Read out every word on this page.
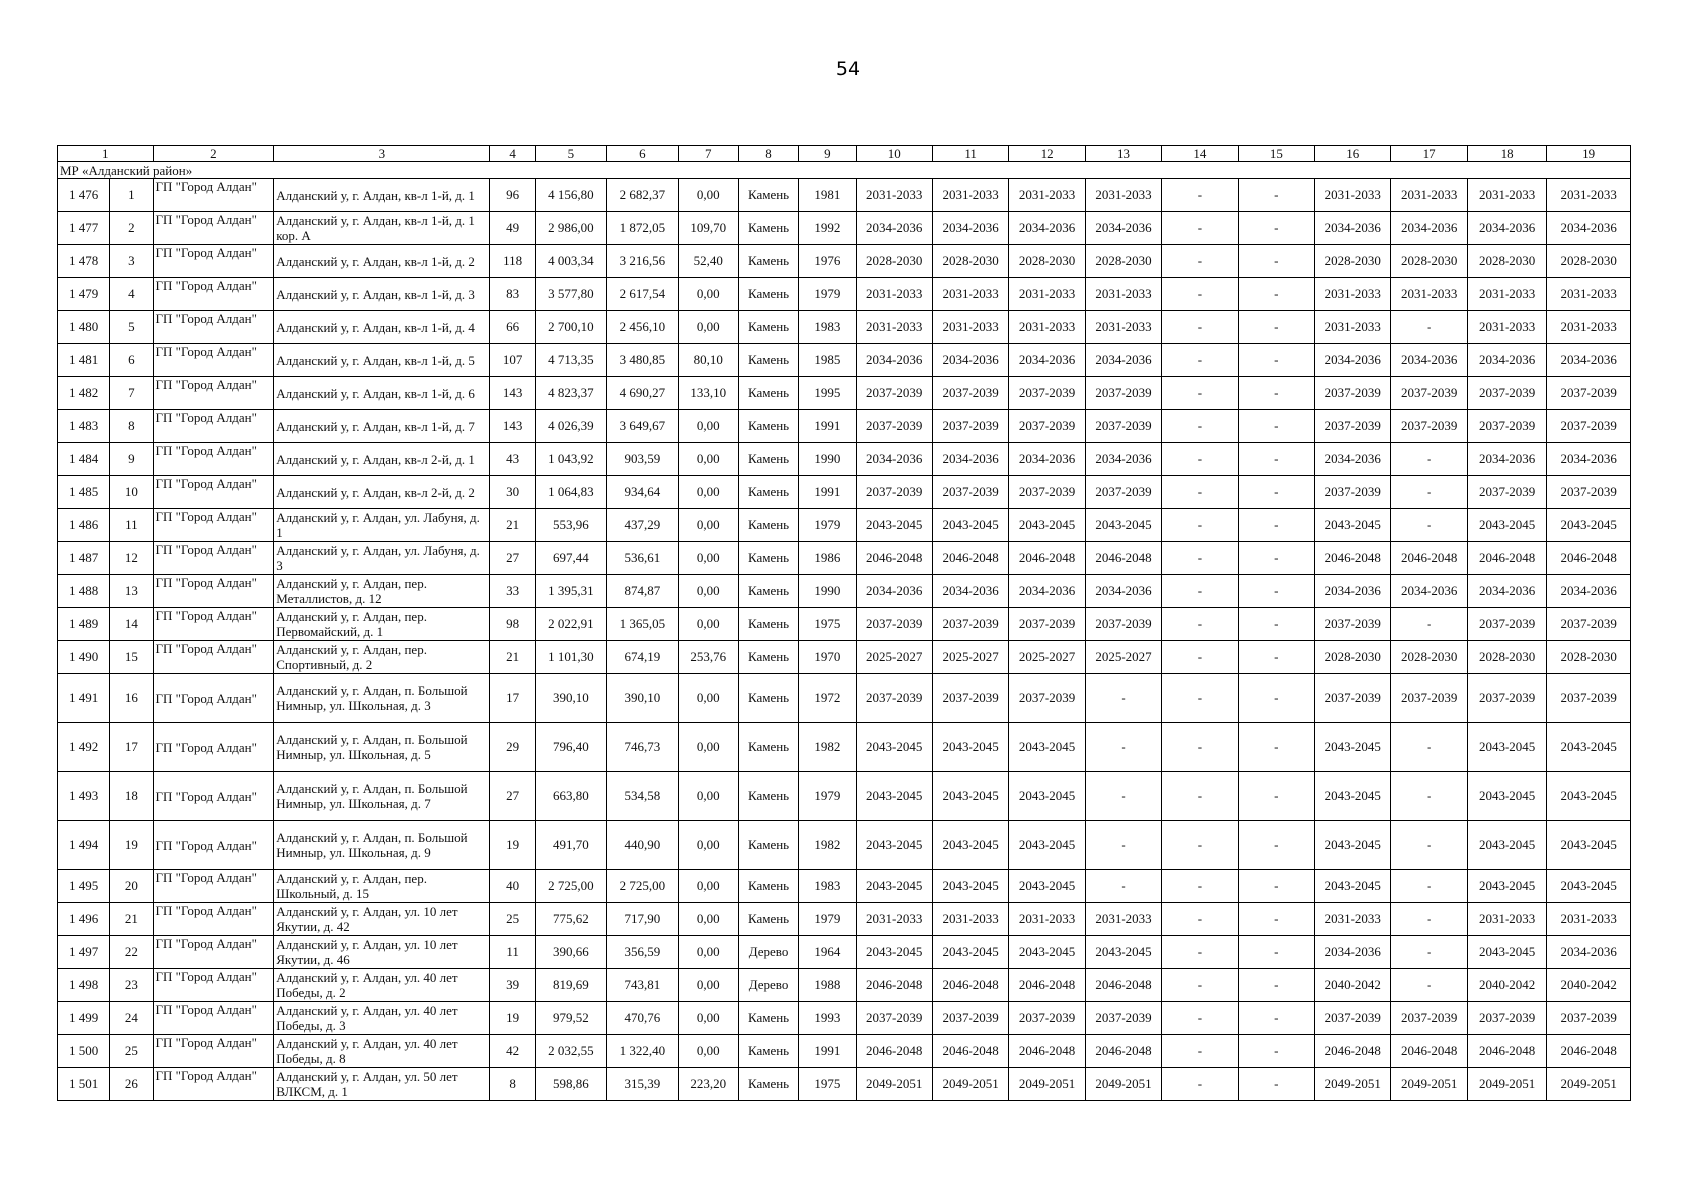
54
1		2	3	4	5	6	7	8	9	10	11	12	13	14	15	16	17	18	19
МР «Алданский район»																			
1 476	1	ГП "Город Алдан"	Алданский у, г. Алдан, кв-л 1-й, д. 1	96	4 156,80	2 682,37	0,00	Камень	1981	2031-2033	2031-2033	2031-2033	2031-2033	-	-	2031-2033	2031-2033	2031-2033	2031-2033
1 477	2	ГП "Город Алдан"	Алданский у, г. Алдан, кв-л 1-й, д. 1 кор. А	49	2 986,00	1 872,05	109,70	Камень	1992	2034-2036	2034-2036	2034-2036	2034-2036	-	-	2034-2036	2034-2036	2034-2036	2034-2036
1 478	3	ГП "Город Алдан"	Алданский у, г. Алдан, кв-л 1-й, д. 2	118	4 003,34	3 216,56	52,40	Камень	1976	2028-2030	2028-2030	2028-2030	2028-2030	-	-	2028-2030	2028-2030	2028-2030	2028-2030
1 479	4	ГП "Город Алдан"	Алданский у, г. Алдан, кв-л 1-й, д. 3	83	3 577,80	2 617,54	0,00	Камень	1979	2031-2033	2031-2033	2031-2033	2031-2033	-	-	2031-2033	2031-2033	2031-2033	2031-2033
1 480	5	ГП "Город Алдан"	Алданский у, г. Алдан, кв-л 1-й, д. 4	66	2 700,10	2 456,10	0,00	Камень	1983	2031-2033	2031-2033	2031-2033	2031-2033	-	-	2031-2033	-	2031-2033	2031-2033
1 481	6	ГП "Город Алдан"	Алданский у, г. Алдан, кв-л 1-й, д. 5	107	4 713,35	3 480,85	80,10	Камень	1985	2034-2036	2034-2036	2034-2036	2034-2036	-	-	2034-2036	2034-2036	2034-2036	2034-2036
1 482	7	ГП "Город Алдан"	Алданский у, г. Алдан, кв-л 1-й, д. 6	143	4 823,37	4 690,27	133,10	Камень	1995	2037-2039	2037-2039	2037-2039	2037-2039	-	-	2037-2039	2037-2039	2037-2039	2037-2039
1 483	8	ГП "Город Алдан"	Алданский у, г. Алдан, кв-л 1-й, д. 7	143	4 026,39	3 649,67	0,00	Камень	1991	2037-2039	2037-2039	2037-2039	2037-2039	-	-	2037-2039	2037-2039	2037-2039	2037-2039
1 484	9	ГП "Город Алдан"	Алданский у, г. Алдан, кв-л 2-й, д. 1	43	1 043,92	903,59	0,00	Камень	1990	2034-2036	2034-2036	2034-2036	2034-2036	-	-	2034-2036	-	2034-2036	2034-2036
1 485	10	ГП "Город Алдан"	Алданский у, г. Алдан, кв-л 2-й, д. 2	30	1 064,83	934,64	0,00	Камень	1991	2037-2039	2037-2039	2037-2039	2037-2039	-	-	2037-2039	-	2037-2039	2037-2039
1 486	11	ГП "Город Алдан"	Алданский у, г. Алдан, ул. Лабуня, д. 1	21	553,96	437,29	0,00	Камень	1979	2043-2045	2043-2045	2043-2045	2043-2045	-	-	2043-2045	-	2043-2045	2043-2045
1 487	12	ГП "Город Алдан"	Алданский у, г. Алдан, ул. Лабуня, д. 3	27	697,44	536,61	0,00	Камень	1986	2046-2048	2046-2048	2046-2048	2046-2048	-	-	2046-2048	2046-2048	2046-2048	2046-2048
1 488	13	ГП "Город Алдан"	Алданский у, г. Алдан, пер. Металлистов, д. 12	33	1 395,31	874,87	0,00	Камень	1990	2034-2036	2034-2036	2034-2036	2034-2036	-	-	2034-2036	2034-2036	2034-2036	2034-2036
1 489	14	ГП "Город Алдан"	Алданский у, г. Алдан, пер. Первомайский, д. 1	98	2 022,91	1 365,05	0,00	Камень	1975	2037-2039	2037-2039	2037-2039	2037-2039	-	-	2037-2039	-	2037-2039	2037-2039
1 490	15	ГП "Город Алдан"	Алданский у, г. Алдан, пер. Спортивный, д. 2	21	1 101,30	674,19	253,76	Камень	1970	2025-2027	2025-2027	2025-2027	2025-2027	-	-	2028-2030	2028-2030	2028-2030	2028-2030
1 491	16	ГП "Город Алдан"	Алданский у, г. Алдан, п. Большой Нимныр, ул. Школьная, д. 3	17	390,10	390,10	0,00	Камень	1972	2037-2039	2037-2039	2037-2039	-	-	-	2037-2039	2037-2039	2037-2039	2037-2039
1 492	17	ГП "Город Алдан"	Алданский у, г. Алдан, п. Большой Нимныр, ул. Школьная, д. 5	29	796,40	746,73	0,00	Камень	1982	2043-2045	2043-2045	2043-2045	-	-	-	2043-2045	-	2043-2045	2043-2045
1 493	18	ГП "Город Алдан"	Алданский у, г. Алдан, п. Большой Нимныр, ул. Школьная, д. 7	27	663,80	534,58	0,00	Камень	1979	2043-2045	2043-2045	2043-2045	-	-	-	2043-2045	-	2043-2045	2043-2045
1 494	19	ГП "Город Алдан"	Алданский у, г. Алдан, п. Большой Нимныр, ул. Школьная, д. 9	19	491,70	440,90	0,00	Камень	1982	2043-2045	2043-2045	2043-2045	-	-	-	2043-2045	-	2043-2045	2043-2045
1 495	20	ГП "Город Алдан"	Алданский у, г. Алдан, пер. Школьный, д. 15	40	2 725,00	2 725,00	0,00	Камень	1983	2043-2045	2043-2045	2043-2045	-	-	-	2043-2045	-	2043-2045	2043-2045
1 496	21	ГП "Город Алдан"	Алданский у, г. Алдан, ул. 10 лет Якутии, д. 42	25	775,62	717,90	0,00	Камень	1979	2031-2033	2031-2033	2031-2033	2031-2033	-	-	2031-2033	-	2031-2033	2031-2033
1 497	22	ГП "Город Алдан"	Алданский у, г. Алдан, ул. 10 лет Якутии, д. 46	11	390,66	356,59	0,00	Дерево	1964	2043-2045	2043-2045	2043-2045	2043-2045	-	-	2034-2036	-	2043-2045	2034-2036
1 498	23	ГП "Город Алдан"	Алданский у, г. Алдан, ул. 40 лет Победы, д. 2	39	819,69	743,81	0,00	Дерево	1988	2046-2048	2046-2048	2046-2048	2046-2048	-	-	2040-2042	-	2040-2042	2040-2042
1 499	24	ГП "Город Алдан"	Алданский у, г. Алдан, ул. 40 лет Победы, д. 3	19	979,52	470,76	0,00	Камень	1993	2037-2039	2037-2039	2037-2039	2037-2039	-	-	2037-2039	2037-2039	2037-2039	2037-2039
1 500	25	ГП "Город Алдан"	Алданский у, г. Алдан, ул. 40 лет Победы, д. 8	42	2 032,55	1 322,40	0,00	Камень	1991	2046-2048	2046-2048	2046-2048	2046-2048	-	-	2046-2048	2046-2048	2046-2048	2046-2048
1 501	26	ГП "Город Алдан"	Алданский у, г. Алдан, ул. 50 лет ВЛКСМ, д. 1	8	598,86	315,39	223,20	Камень	1975	2049-2051	2049-2051	2049-2051	2049-2051	-	-	2049-2051	2049-2051	2049-2051	2049-2051
